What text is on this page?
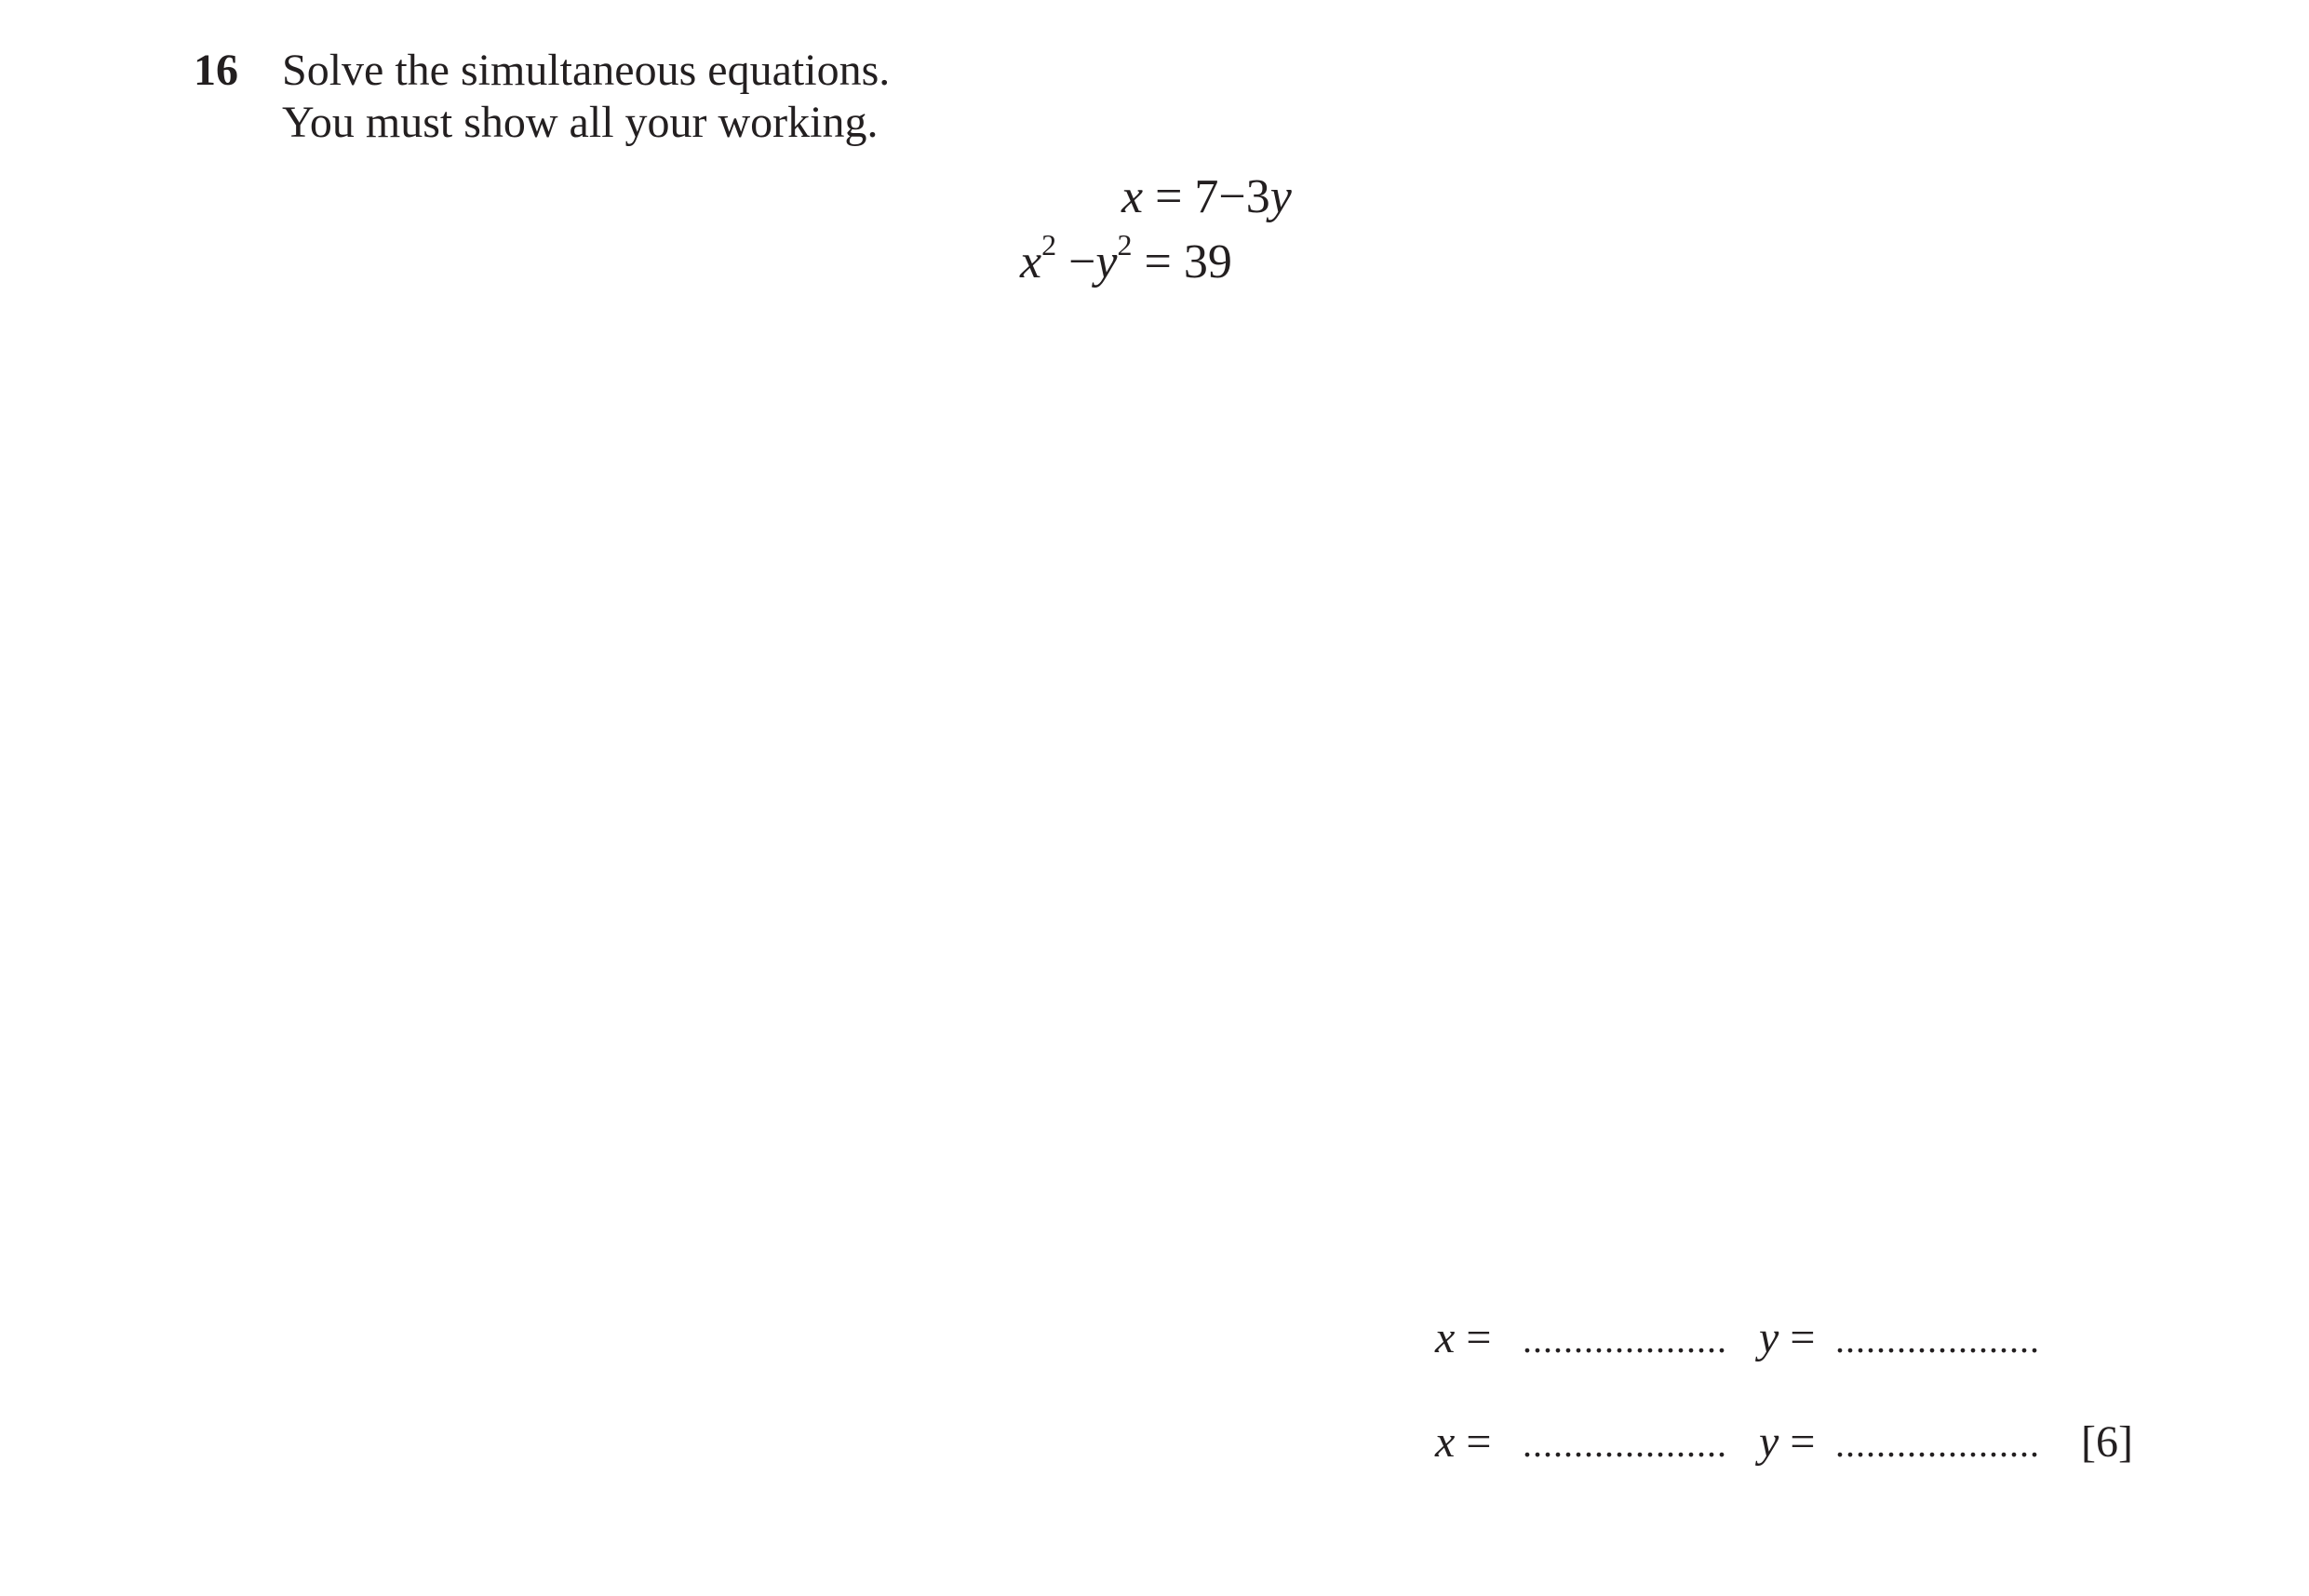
16 Solve the simultaneous equations.
You must show all your working.
x = 7−3y
$x^2 -y^2 = 39$
x = .................... y = ....................
x = .................... y = .................... [6]
